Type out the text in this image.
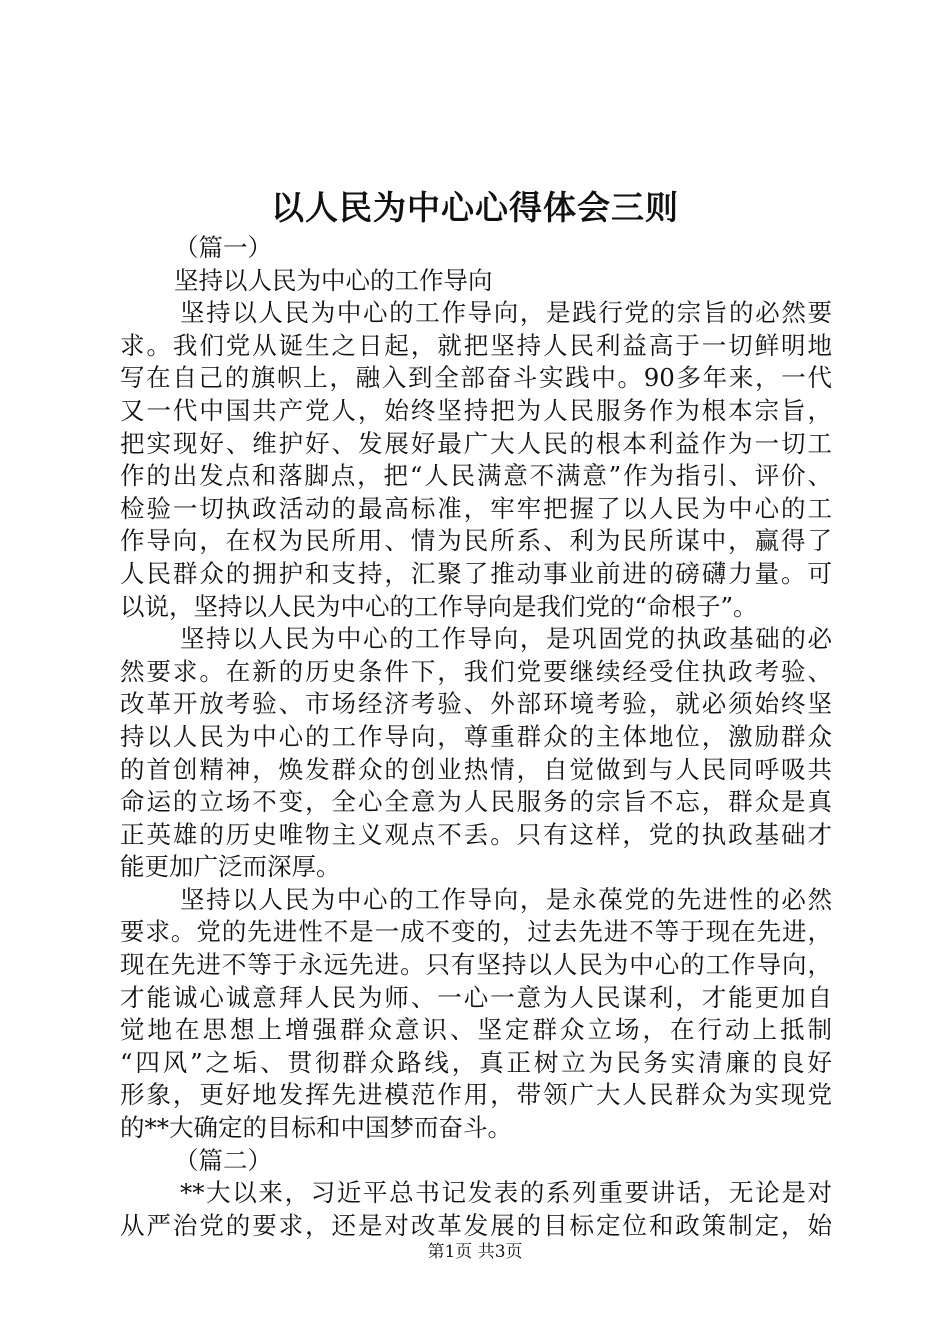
以人民为中心心得体会三则
（篇一）
坚持以人民为中心的工作导向
坚持以人民为中心的工作导向，是践行党的宗旨的必然要
求。我们党从诞生之日起，就把坚持人民利益高于一切鲜明地
写在自己的旗帜上，融入到全部奋斗实践中。90多年来，一代
又一代中国共产党人，始终坚持把为人民服务作为根本宗旨，
把实现好、维护好、发展好最广大人民的根本利益作为一切工
作的出发点和落脚点，把“人民满意不满意”作为指引、评价、
检验一切执政活动的最高标准，牢牢把握了以人民为中心的工
作导向，在权为民所用、情为民所系、利为民所谋中，赢得了
人民群众的拥护和支持，汇聚了推动事业前进的磅礴力量。可
以说，坚持以人民为中心的工作导向是我们党的“命根子”。
坚持以人民为中心的工作导向，是巩固党的执政基础的必
然要求。在新的历史条件下，我们党要继续经受住执政考验、
改革开放考验、市场经济考验、外部环境考验，就必须始终坚
持以人民为中心的工作导向，尊重群众的主体地位，激励群众
的首创精神，焕发群众的创业热情，自觉做到与人民同呼吸共
命运的立场不变，全心全意为人民服务的宗旨不忘，群众是真
正英雄的历史唯物主义观点不丢。只有这样，党的执政基础才
能更加广泛而深厚。
坚持以人民为中心的工作导向，是永葆党的先进性的必然
要求。党的先进性不是一成不变的，过去先进不等于现在先进，
现在先进不等于永远先进。只有坚持以人民为中心的工作导向，
才能诚心诚意拜人民为师、一心一意为人民谋利，才能更加自
觉地在思想上增强群众意识、坚定群众立场，在行动上抵制
“四风”之垢、贯彻群众路线，真正树立为民务实清廉的良好
形象，更好地发挥先进模范作用，带领广大人民群众为实现党
的**大确定的目标和中国梦而奋斗。
（篇二）
**大以来，习近平总书记发表的系列重要讲话，无论是对
从严治党的要求，还是对改革发展的目标定位和政策制定，始
第1页 共3页
